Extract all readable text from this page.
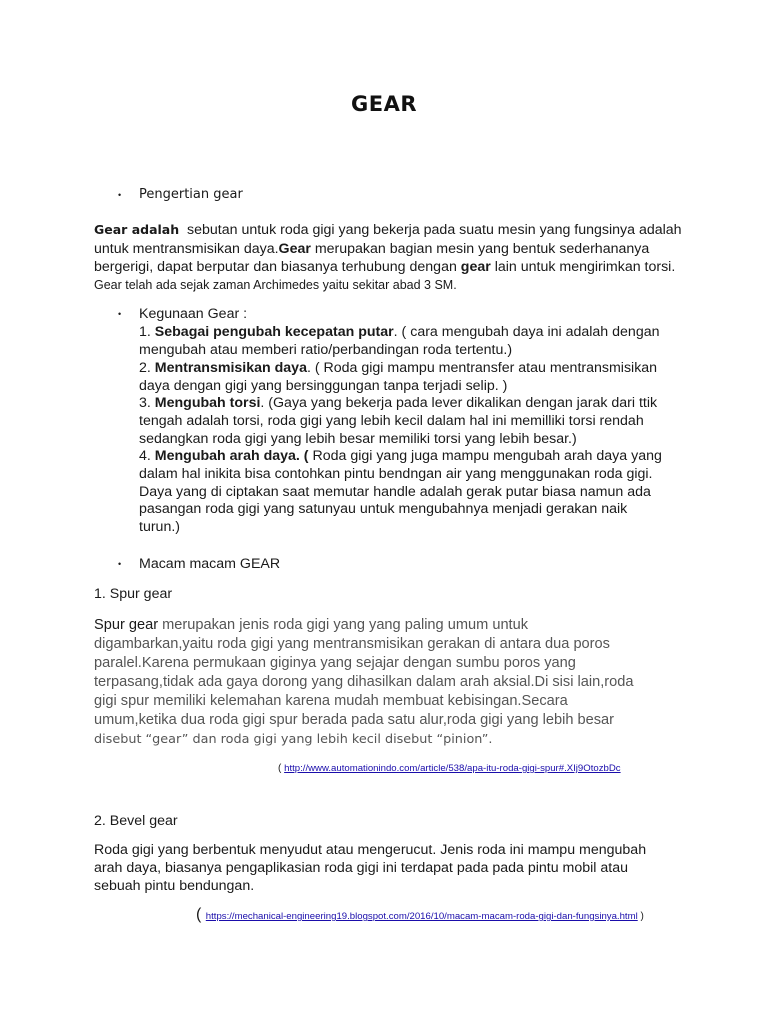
GEAR
• Pengertian gear
Gear adalah sebutan untuk roda gigi yang bekerja pada suatu mesin yang fungsinya adalah
untuk mentransmisikan daya.Gear merupakan bagian mesin yang bentuk sederhananya
bergerigi, dapat berputar dan biasanya terhubung dengan gear lain untuk mengirimkan torsi.
Gear telah ada sejak zaman Archimedes yaitu sekitar abad 3 SM.
• Kegunaan Gear :
1. Sebagai pengubah kecepatan putar. ( cara mengubah daya ini adalah dengan
mengubah atau memberi ratio/perbandingan roda tertentu.)
2. Mentransmisikan daya. ( Roda gigi mampu mentransfer atau mentransmisikan
daya dengan gigi yang bersinggungan tanpa terjadi selip. )
3. Mengubah torsi. (Gaya yang bekerja pada lever dikalikan dengan jarak dari ttik
tengah adalah torsi, roda gigi yang lebih kecil dalam hal ini memilliki torsi rendah
sedangkan roda gigi yang lebih besar memiliki torsi yang lebih besar.)
4. Mengubah arah daya. ( Roda gigi yang juga mampu mengubah arah daya yang
dalam hal inikita bisa contohkan pintu bendngan air yang menggunakan roda gigi.
Daya yang di ciptakan saat memutar handle adalah gerak putar biasa namun ada
pasangan roda gigi yang satunyau untuk mengubahnya menjadi gerakan naik
turun.)
• Macam macam GEAR
1. Spur gear
Spur gear merupakan jenis roda gigi yang yang paling umum untuk
digambarkan,yaitu roda gigi yang mentransmisikan gerakan di antara dua poros
paralel.Karena permukaan giginya yang sejajar dengan sumbu poros yang
terpasang,tidak ada gaya dorong yang dihasilkan dalam arah aksial.Di sisi lain,roda
gigi spur memiliki kelemahan karena mudah membuat kebisingan.Secara
umum,ketika dua roda gigi spur berada pada satu alur,roda gigi yang lebih besar
disebut “gear” dan roda gigi yang lebih kecil disebut “pinion”.
( http://www.automationindo.com/article/538/apa-itu-roda-gigi-spur#.XIj9OtozbDc
2. Bevel gear
Roda gigi yang berbentuk menyudut atau mengerucut. Jenis roda ini mampu mengubah
arah daya, biasanya pengaplikasian roda gigi ini terdapat pada pada pintu mobil atau
sebuah pintu bendungan.
( https://mechanical-engineering19.blogspot.com/2016/10/macam-macam-roda-gigi-dan-fungsinya.html )
